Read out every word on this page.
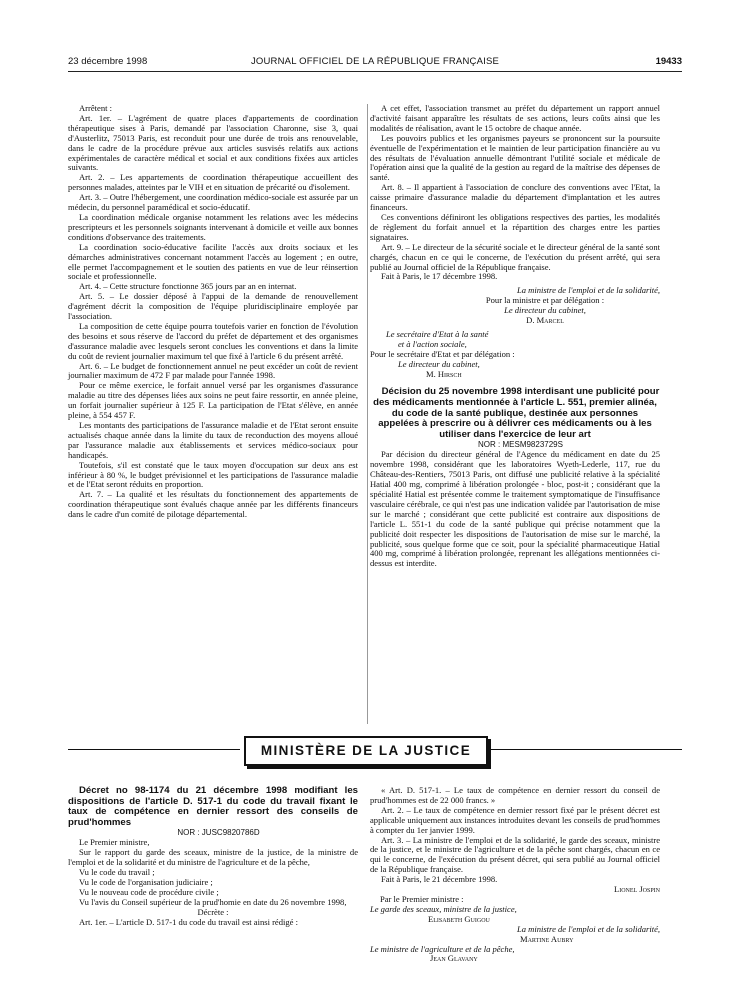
23 décembre 1998	JOURNAL OFFICIEL DE LA RÉPUBLIQUE FRANÇAISE	19433

Arrêtent :

Art. 1er. – L'agrément de quatre places d'appartements de coordination thérapeutique sises à Paris, demandé par l'association Charonne, sise 3, quai d'Austerlitz, 75013 Paris, est reconduit pour une durée de trois ans renouvelable, dans le cadre de la procédure prévue aux articles susvisés relatifs aux actions expérimentales de caractère médical et social et aux conditions fixées aux articles suivants.

Art. 2. – Les appartements de coordination thérapeutique accueillent des personnes malades, atteintes par le VIH et en situation de précarité ou d'isolement.

Art. 3. – Outre l'hébergement, une coordination médico-sociale est assurée par un médecin, du personnel paramédical et socio-éducatif.

La coordination médicale organise notamment les relations avec les médecins prescripteurs et les personnels soignants intervenant à domicile et veille aux bonnes conditions d'observance des traitements.

La coordination socio-éducative facilite l'accès aux droits sociaux et les démarches administratives concernant notamment l'accès au logement ; en outre, elle permet l'accompagnement et le soutien des patients en vue de leur réinsertion sociale et professionnelle.

Art. 4. – Cette structure fonctionne 365 jours par an en internat.

Art. 5. – Le dossier déposé à l'appui de la demande de renouvellement d'agrément décrit la composition de l'équipe pluridisciplinaire employée par l'association.

La composition de cette équipe pourra toutefois varier en fonction de l'évolution des besoins et sous réserve de l'accord du préfet de département et des organismes d'assurance maladie avec lesquels seront conclues les conventions et dans la limite du coût de revient journalier maximum tel que fixé à l'article 6 du présent arrêté.

Art. 6. – Le budget de fonctionnement annuel ne peut excéder un coût de revient journalier maximum de 472 F par malade pour l'année 1998.

Pour ce même exercice, le forfait annuel versé par les organismes d'assurance maladie au titre des dépenses liées aux soins ne peut faire ressortir, en année pleine, un forfait journalier supérieur à 125 F. La participation de l'Etat s'élève, en année pleine, à 554 457 F.

Les montants des participations de l'assurance maladie et de l'Etat seront ensuite actualisés chaque année dans la limite du taux de reconduction des moyens alloué par l'assurance maladie aux établissements et services médico-sociaux pour handicapés.

Toutefois, s'il est constaté que le taux moyen d'occupation sur deux ans est inférieur à 80 %, le budget prévisionnel et les participations de l'assurance maladie et de l'Etat seront réduits en proportion.

Art. 7. – La qualité et les résultats du fonctionnement des appartements de coordination thérapeutique sont évalués chaque année par les différents financeurs dans le cadre d'un comité de pilotage départemental.

A cet effet, l'association transmet au préfet du département un rapport annuel d'activité faisant apparaître les résultats de ses actions, leurs coûts ainsi que les modalités de réalisation, avant le 15 octobre de chaque année.

Les pouvoirs publics et les organismes payeurs se prononcent sur la poursuite éventuelle de l'expérimentation et le maintien de leur participation financière au vu des résultats de l'évaluation annuelle démontrant l'utilité sociale et médicale de l'opération ainsi que la qualité de la gestion au regard de la maîtrise des dépenses de santé.

Art. 8. – Il appartient à l'association de conclure des conventions avec l'Etat, la caisse primaire d'assurance maladie du département d'implantation et les autres financeurs.

Ces conventions définiront les obligations respectives des parties, les modalités de règlement du forfait annuel et la répartition des charges entre les parties signataires.

Art. 9. – Le directeur de la sécurité sociale et le directeur général de la santé sont chargés, chacun en ce qui le concerne, de l'exécution du présent arrêté, qui sera publié au Journal officiel de la République française.

Fait à Paris, le 17 décembre 1998.

La ministre de l'emploi et de la solidarité,

Pour la ministre et par délégation :

Le directeur du cabinet,

D. Marcel

Le secrétaire d'Etat à la santé

et à l'action sociale,

Pour le secrétaire d'Etat et par délégation :

Le directeur du cabinet,

M. Hirsch

Décision du 25 novembre 1998 interdisant une publicité pour des médicaments mentionnée à l'article L. 551, premier alinéa, du code de la santé publique, destinée aux personnes appelées à prescrire ou à délivrer ces médicaments ou à les utiliser dans l'exercice de leur art

NOR : MESM9823729S

Par décision du directeur général de l'Agence du médicament en date du 25 novembre 1998, considérant que les laboratoires Wyeth-Lederle, 117, rue du Château-des-Rentiers, 75013 Paris, ont diffusé une publicité relative à la spécialité Hatial 400 mg, comprimé à libération prolongée - bloc, post-it ; considérant que la spécialité Hatial est présentée comme le traitement symptomatique de l'insuffisance vasculaire cérébrale, ce qui n'est pas une indication validée par l'autorisation de mise sur le marché ; considérant que cette publicité est contraire aux dispositions de l'article L. 551-1 du code de la santé publique qui précise notamment que la publicité doit respecter les dispositions de l'autorisation de mise sur le marché, la publicité, sous quelque forme que ce soit, pour la spécialité pharmaceutique Hatial 400 mg, comprimé à libération prolongée, reprenant les allégations mentionnées ci-dessus est interdite.

MINISTÈRE DE LA JUSTICE

Décret no 98-1174 du 21 décembre 1998 modifiant les dispositions de l'article D. 517-1 du code du travail fixant le taux de compétence en dernier ressort des conseils de prud'hommes

NOR : JUSC9820786D

Le Premier ministre,

Sur le rapport du garde des sceaux, ministre de la justice, de la ministre de l'emploi et de la solidarité et du ministre de l'agriculture et de la pêche,

Vu le code du travail ;

Vu le code de l'organisation judiciaire ;

Vu le nouveau code de procédure civile ;

Vu l'avis du Conseil supérieur de la prud'homie en date du 26 novembre 1998,

Décrète :

Art. 1er. – L'article D. 517-1 du code du travail est ainsi rédigé :

« Art. D. 517-1. – Le taux de compétence en dernier ressort du conseil de prud'hommes est de 22 000 francs. »

Art. 2. – Le taux de compétence en dernier ressort fixé par le présent décret est applicable uniquement aux instances introduites devant les conseils de prud'hommes à compter du 1er janvier 1999.

Art. 3. – La ministre de l'emploi et de la solidarité, le garde des sceaux, ministre de la justice, et le ministre de l'agriculture et de la pêche sont chargés, chacun en ce qui le concerne, de l'exécution du présent décret, qui sera publié au Journal officiel de la République française.

Fait à Paris, le 21 décembre 1998.

Lionel Jospin

Par le Premier ministre :

Le garde des sceaux, ministre de la justice,

Elisabeth Guigou

La ministre de l'emploi et de la solidarité,

Martine Aubry

Le ministre de l'agriculture et de la pêche,

Jean Glavany
